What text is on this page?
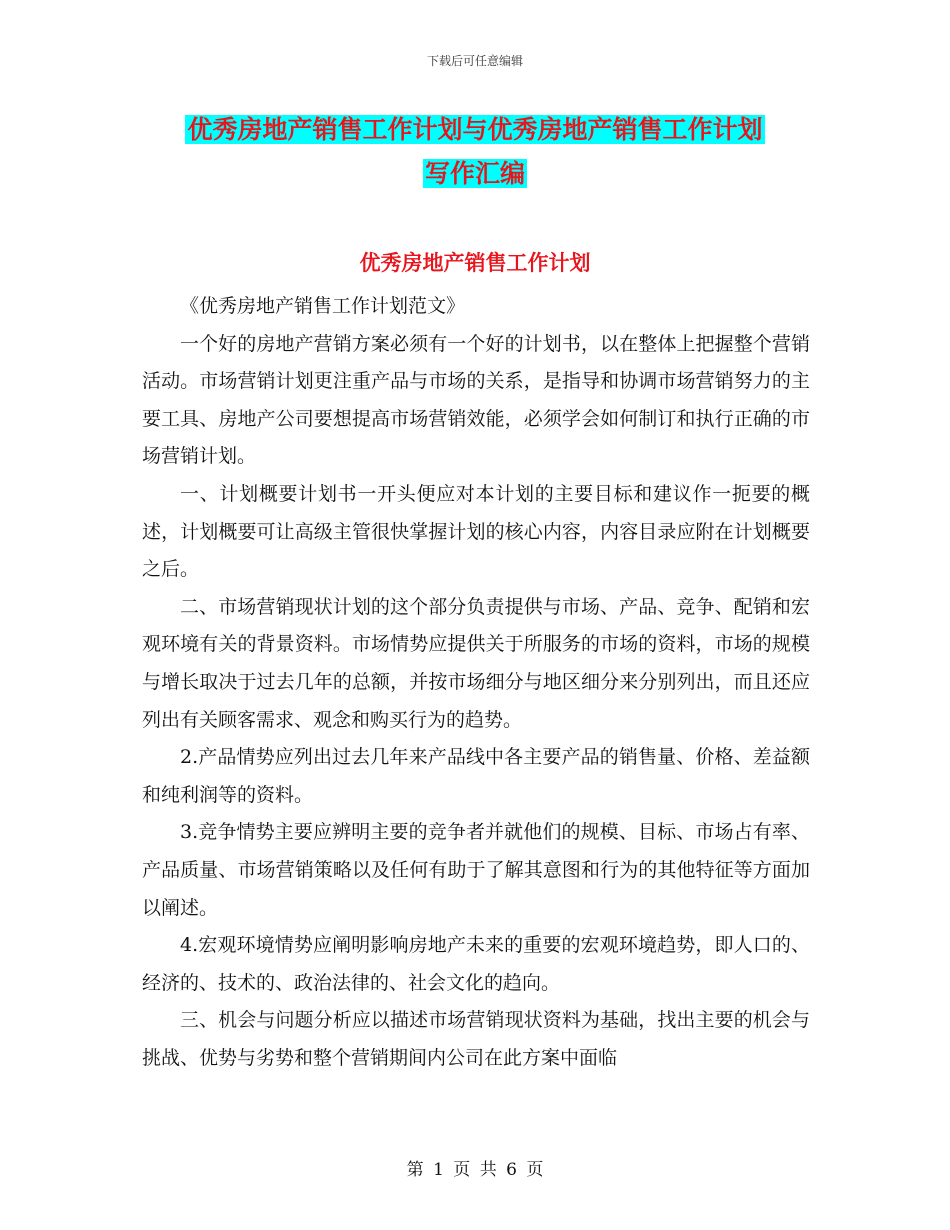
下载后可任意编辑
优秀房地产销售工作计划与优秀房地产销售工作计划
写作汇编
优秀房地产销售工作计划

《优秀房地产销售工作计划范文》

一个好的房地产营销方案必须有一个好的计划书，以在整体上把握整个营销活动。市场营销计划更注重产品与市场的关系，是指导和协调市场营销努力的主要工具、房地产公司要想提高市场营销效能，必须学会如何制订和执行正确的市场营销计划。

一、计划概要计划书一开头便应对本计划的主要目标和建议作一扼要的概述，计划概要可让高级主管很快掌握计划的核心内容，内容目录应附在计划概要之后。

二、市场营销现状计划的这个部分负责提供与市场、产品、竞争、配销和宏观环境有关的背景资料。市场情势应提供关于所服务的市场的资料，市场的规模与增长取决于过去几年的总额，并按市场细分与地区细分来分别列出，而且还应列出有关顾客需求、观念和购买行为的趋势。

2.产品情势应列出过去几年来产品线中各主要产品的销售量、价格、差益额和纯利润等的资料。

3.竞争情势主要应辨明主要的竞争者并就他们的规模、目标、市场占有率、产品质量、市场营销策略以及任何有助于了解其意图和行为的其他特征等方面加以阐述。

4.宏观环境情势应阐明影响房地产未来的重要的宏观环境趋势，即人口的、经济的、技术的、政治法律的、社会文化的趋向。

三、机会与问题分析应以描述市场营销现状资料为基础，找出主要的机会与挑战、优势与劣势和整个营销期间内公司在此方案中面临

第 1 页 共 6 页
